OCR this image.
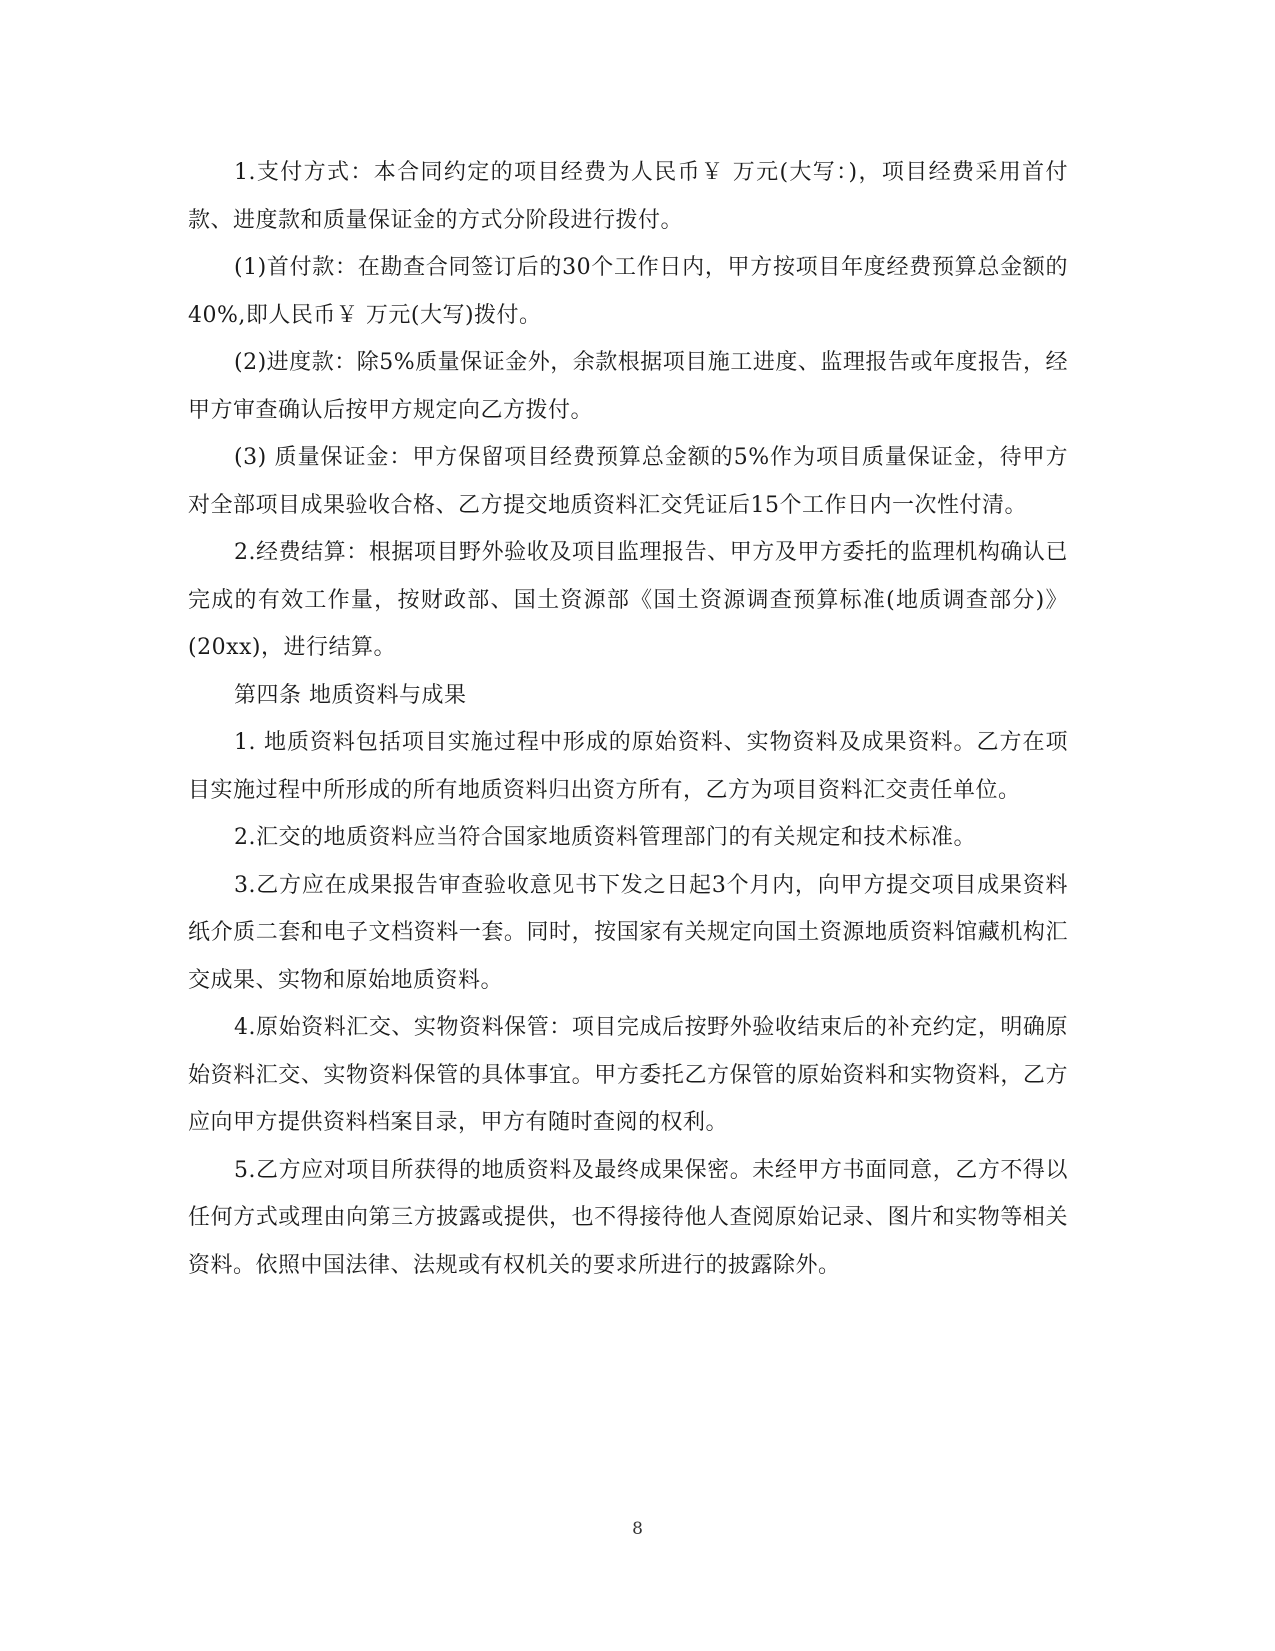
1.支付方式：本合同约定的项目经费为人民币￥ 万元(大写：)，项目经费采用首付款、进度款和质量保证金的方式分阶段进行拨付。

(1)首付款：在勘查合同签订后的30个工作日内，甲方按项目年度经费预算总金额的40%,即人民币￥ 万元(大写)拨付。

(2)进度款：除5%质量保证金外，余款根据项目施工进度、监理报告或年度报告，经甲方审查确认后按甲方规定向乙方拨付。

(3) 质量保证金：甲方保留项目经费预算总金额的5%作为项目质量保证金，待甲方对全部项目成果验收合格、乙方提交地质资料汇交凭证后15个工作日内一次性付清。

2.经费结算：根据项目野外验收及项目监理报告、甲方及甲方委托的监理机构确认已完成的有效工作量，按财政部、国土资源部《国土资源调查预算标准(地质调查部分)》(20xx)，进行结算。

第四条 地质资料与成果

1. 地质资料包括项目实施过程中形成的原始资料、实物资料及成果资料。乙方在项目实施过程中所形成的所有地质资料归出资方所有，乙方为项目资料汇交责任单位。

2.汇交的地质资料应当符合国家地质资料管理部门的有关规定和技术标准。

3.乙方应在成果报告审查验收意见书下发之日起3个月内，向甲方提交项目成果资料纸介质二套和电子文档资料一套。同时，按国家有关规定向国土资源地质资料馆藏机构汇交成果、实物和原始地质资料。

4.原始资料汇交、实物资料保管：项目完成后按野外验收结束后的补充约定，明确原始资料汇交、实物资料保管的具体事宜。甲方委托乙方保管的原始资料和实物资料，乙方应向甲方提供资料档案目录，甲方有随时查阅的权利。

5.乙方应对项目所获得的地质资料及最终成果保密。未经甲方书面同意，乙方不得以任何方式或理由向第三方披露或提供，也不得接待他人查阅原始记录、图片和实物等相关资料。依照中国法律、法规或有权机关的要求所进行的披露除外。

8
